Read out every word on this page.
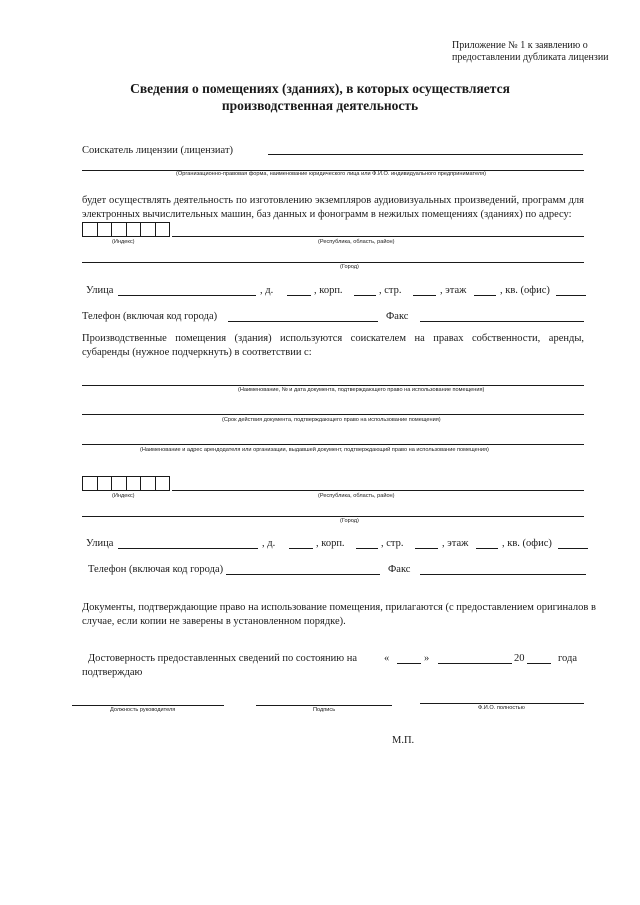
Приложение № 1 к заявлению о
предоставлении дубликата лицензии
Сведения о помещениях (зданиях), в которых осуществляется
производственная деятельность
Соискатель лицензии (лицензиат)
(Организационно-правовая форма, наименование юридического лица или Ф.И.О. индивидуального предпринимателя)
будет осуществлять деятельность по изготовлению экземпляров аудиовизуальных произведений, программ для электронных вычислительных машин, баз данных и фонограмм в нежилых помещениях (зданиях) по адресу:
(Индекс)	(Республика, область, район)
(Город)
Улица	, д.	, корп.	, стр.	, этаж	, кв. (офис)
Телефон (включая код города)	Факс
Производственные помещения (здания) используются соискателем на правах собственности, аренды, субаренды (нужное подчеркнуть) в соответствии с:
(Наименование, № и дата документа, подтверждающего право на использование помещения)
(Срок действия документа, подтверждающего право на использование помещения)
(Наименование и адрес арендодателя или организации, выдавшей документ, подтверждающий право на использование помещения)
(Индекс)	(Республика, область, район)
(Город)
Улица	, д.	, корп.	, стр.	, этаж	, кв. (офис)
Телефон (включая код города)	Факс
Документы, подтверждающие право на использование помещения, прилагаются (с предоставлением оригиналов в случае, если копии не заверены в установленном порядке).
Достоверность предоставленных сведений по состоянию на	«	»	20	года
подтверждаю
Должность руководителя	Подпись	Ф.И.О. полностью
М.П.
